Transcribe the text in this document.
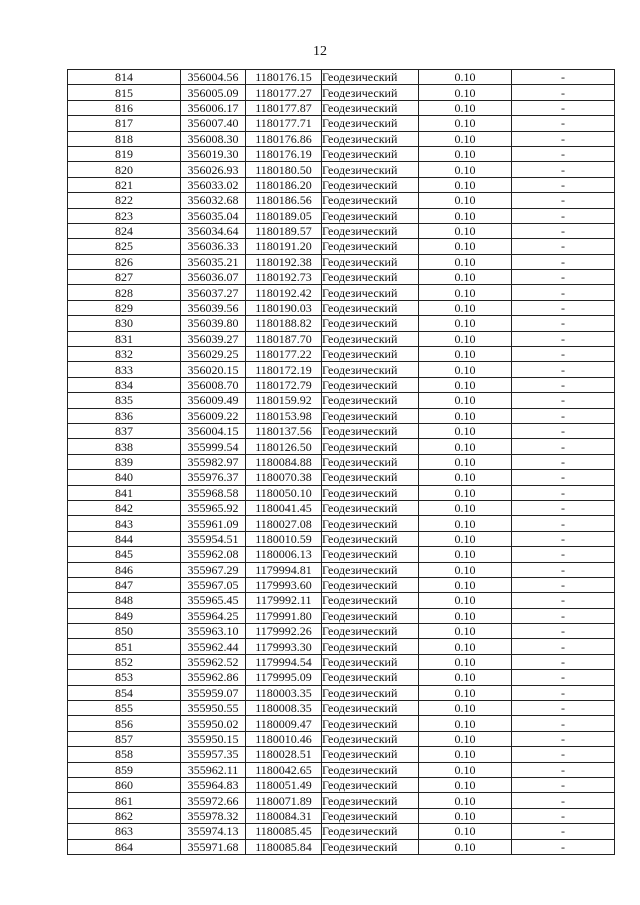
12
814	356004.56	1180176.15	Геодезический	0.10	-
815	356005.09	1180177.27	Геодезический	0.10	-
816	356006.17	1180177.87	Геодезический	0.10	-
817	356007.40	1180177.71	Геодезический	0.10	-
818	356008.30	1180176.86	Геодезический	0.10	-
819	356019.30	1180176.19	Геодезический	0.10	-
820	356026.93	1180180.50	Геодезический	0.10	-
821	356033.02	1180186.20	Геодезический	0.10	-
822	356032.68	1180186.56	Геодезический	0.10	-
823	356035.04	1180189.05	Геодезический	0.10	-
824	356034.64	1180189.57	Геодезический	0.10	-
825	356036.33	1180191.20	Геодезический	0.10	-
826	356035.21	1180192.38	Геодезический	0.10	-
827	356036.07	1180192.73	Геодезический	0.10	-
828	356037.27	1180192.42	Геодезический	0.10	-
829	356039.56	1180190.03	Геодезический	0.10	-
830	356039.80	1180188.82	Геодезический	0.10	-
831	356039.27	1180187.70	Геодезический	0.10	-
832	356029.25	1180177.22	Геодезический	0.10	-
833	356020.15	1180172.19	Геодезический	0.10	-
834	356008.70	1180172.79	Геодезический	0.10	-
835	356009.49	1180159.92	Геодезический	0.10	-
836	356009.22	1180153.98	Геодезический	0.10	-
837	356004.15	1180137.56	Геодезический	0.10	-
838	355999.54	1180126.50	Геодезический	0.10	-
839	355982.97	1180084.88	Геодезический	0.10	-
840	355976.37	1180070.38	Геодезический	0.10	-
841	355968.58	1180050.10	Геодезический	0.10	-
842	355965.92	1180041.45	Геодезический	0.10	-
843	355961.09	1180027.08	Геодезический	0.10	-
844	355954.51	1180010.59	Геодезический	0.10	-
845	355962.08	1180006.13	Геодезический	0.10	-
846	355967.29	1179994.81	Геодезический	0.10	-
847	355967.05	1179993.60	Геодезический	0.10	-
848	355965.45	1179992.11	Геодезический	0.10	-
849	355964.25	1179991.80	Геодезический	0.10	-
850	355963.10	1179992.26	Геодезический	0.10	-
851	355962.44	1179993.30	Геодезический	0.10	-
852	355962.52	1179994.54	Геодезический	0.10	-
853	355962.86	1179995.09	Геодезический	0.10	-
854	355959.07	1180003.35	Геодезический	0.10	-
855	355950.55	1180008.35	Геодезический	0.10	-
856	355950.02	1180009.47	Геодезический	0.10	-
857	355950.15	1180010.46	Геодезический	0.10	-
858	355957.35	1180028.51	Геодезический	0.10	-
859	355962.11	1180042.65	Геодезический	0.10	-
860	355964.83	1180051.49	Геодезический	0.10	-
861	355972.66	1180071.89	Геодезический	0.10	-
862	355978.32	1180084.31	Геодезический	0.10	-
863	355974.13	1180085.45	Геодезический	0.10	-
864	355971.68	1180085.84	Геодезический	0.10	-
